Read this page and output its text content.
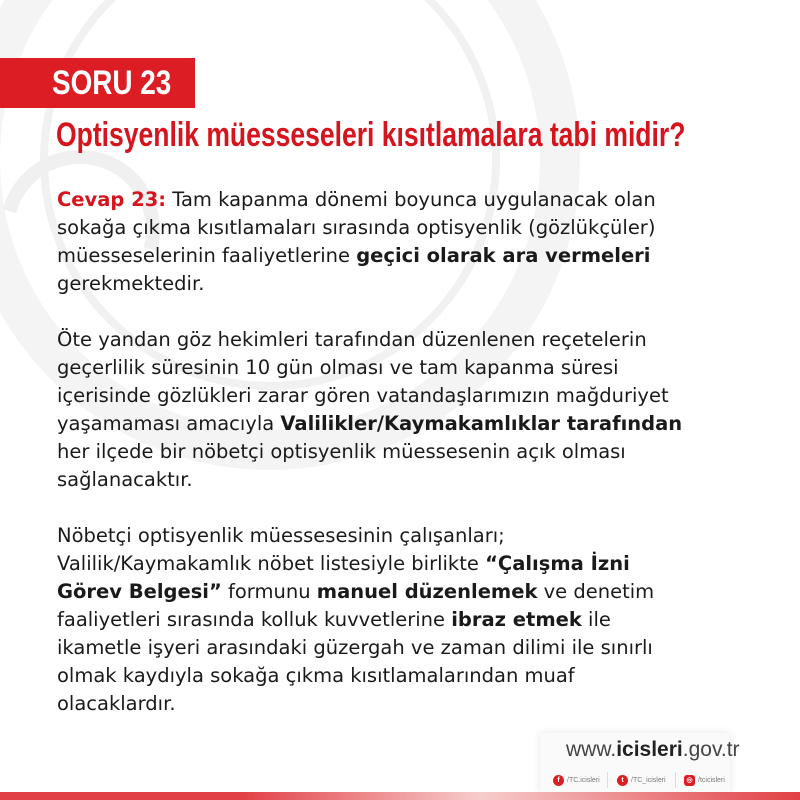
SORU 23
Optisyenlik müesseseleri kısıtlamalara tabi midir?
Cevap 23: Tam kapanma dönemi boyunca uygulanacak olan
sokağa çıkma kısıtlamaları sırasında optisyenlik (gözlükçüler)
müesseselerinin faaliyetlerine geçici olarak ara vermeleri
gerekmektedir.
Öte yandan göz hekimleri tarafından düzenlenen reçetelerin
geçerlilik süresinin 10 gün olması ve tam kapanma süresi
içerisinde gözlükleri zarar gören vatandaşlarımızın mağduriyet
yaşamaması amacıyla Valilikler/Kaymakamlıklar tarafından
her ilçede bir nöbetçi optisyenlik müessesenin açık olması
sağlanacaktır.
Nöbetçi optisyenlik müessesesinin çalışanları;
Valilik/Kaymakamlık nöbet listesiyle birlikte “Çalışma İzni
Görev Belgesi” formunu manuel düzenlemek ve denetim
faaliyetleri sırasında kolluk kuvvetlerine ibraz etmek ile
ikametle işyeri arasındaki güzergah ve zaman dilimi ile sınırlı
olmak kaydıyla sokağa çıkma kısıtlamalarından muaf
olacaklardır.
www.icisleri.gov.tr
f	/TC.icisleri	t	/TC_icisleri	◎ /tcicisleri
